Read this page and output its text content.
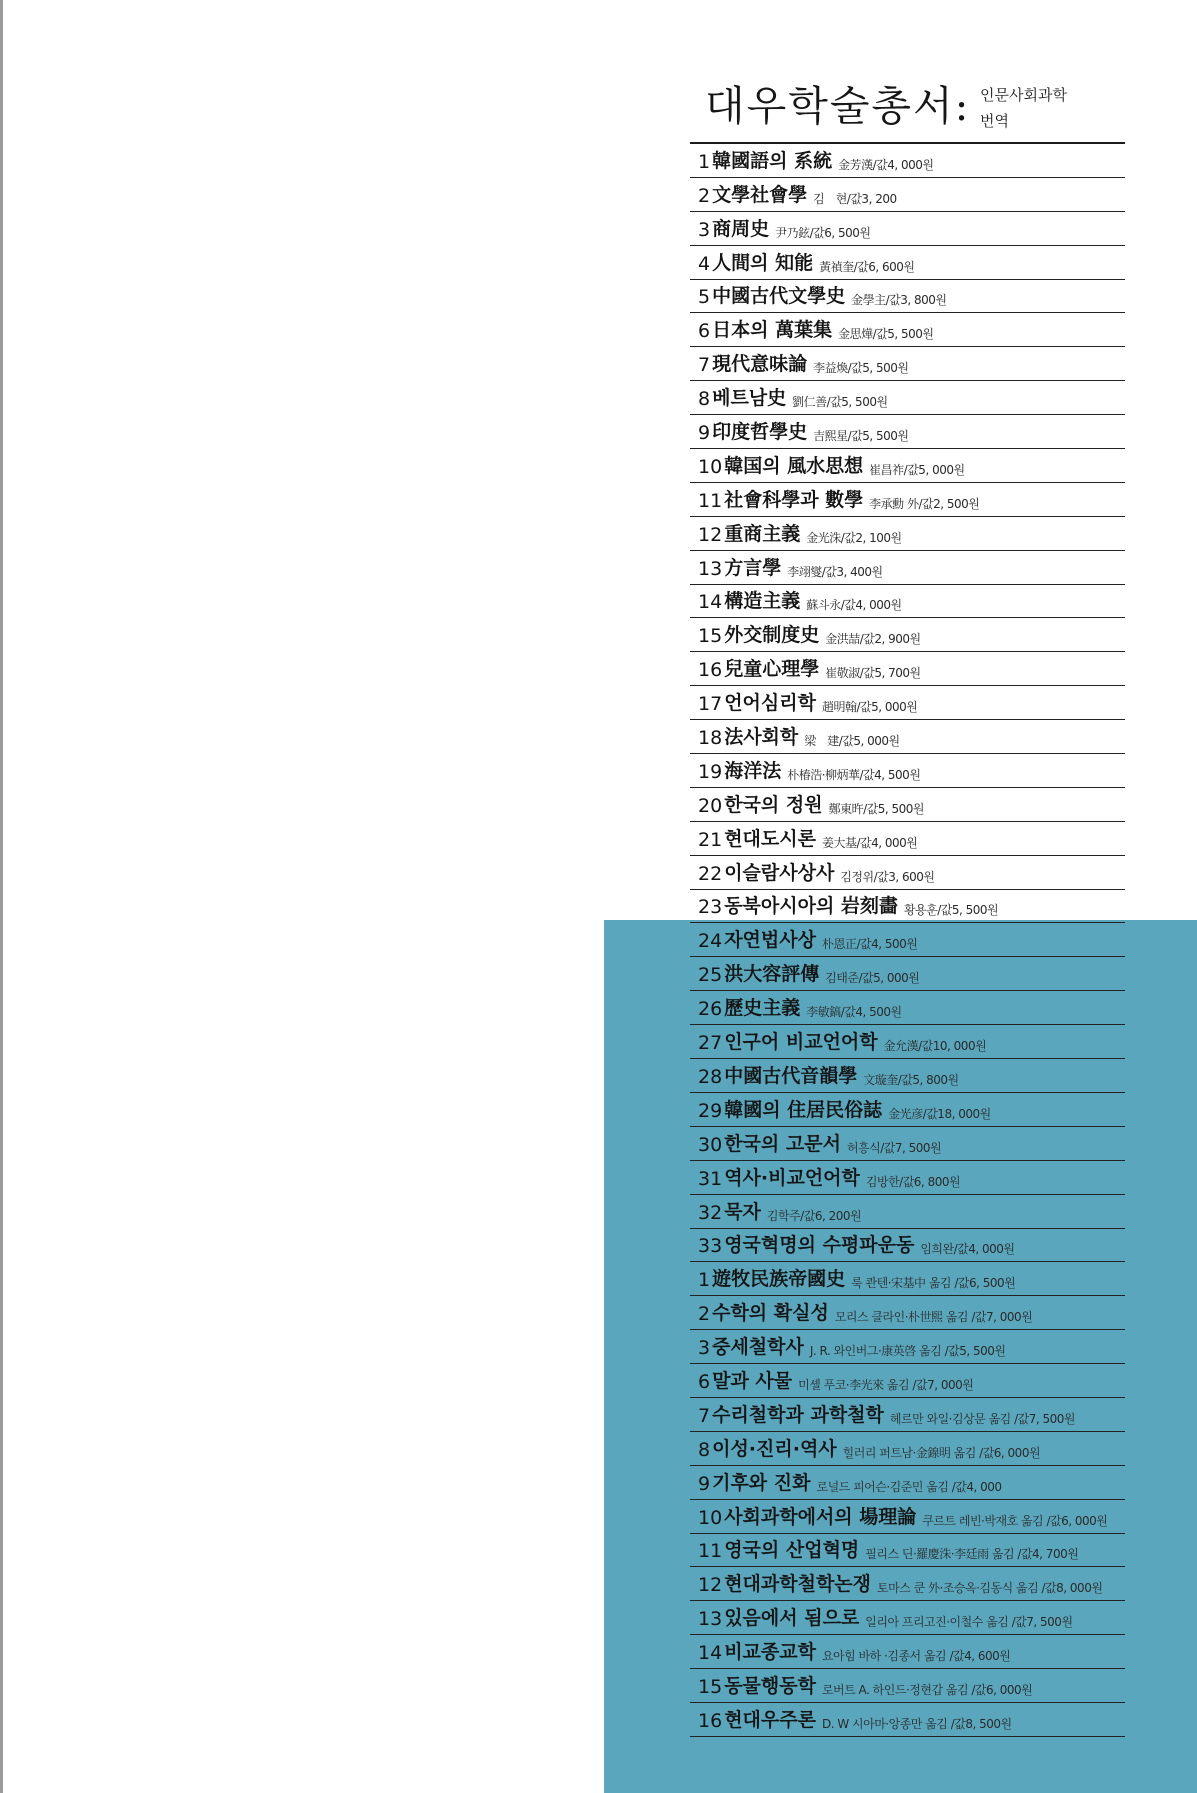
대우학술총서: 인문사회과학
번역
1 韓國語의 系統 金芳漢/값4, 000원
2 文學社會學 김　현/값3, 200
3 商周史 尹乃鉉/값6, 500원
4 人間의 知能 黃禎奎/값6, 600원
5 中國古代文學史 金學主/값3, 800원
6 日本의 萬葉集 金思燁/값5, 500원
7 現代意味論 李益煥/값5, 500원
8 베트남史 劉仁善/값5, 500원
9 印度哲學史 吉熙星/값5, 500원
10 韓国의 風水思想 崔昌祚/값5, 000원
11 社會科學과 數學 李承勳 外/값2, 500원
12 重商主義 金光洙/값2, 100원
13 方言學 李翊燮/값3, 400원
14 構造主義 蘇斗永/값4, 000원
15 外交制度史 金洪喆/값2, 900원
16 兒童心理學 崔敬淑/값5, 700원
17 언어심리학 趙明翰/값5, 000원
18 法사회학 梁　建/값5, 000원
19 海洋法 朴椿浩·柳炳華/값4, 500원
20 한국의 정원 鄭東旿/값5, 500원
21 현대도시론 姜大基/값4, 000원
22 이슬람사상사 김정위/값3, 600원
23 동북아시아의 岩刻畵 황용훈/값5, 500원
24 자연법사상 朴恩正/값4, 500원
25 洪大容評傳 김태준/값5, 000원
26 歷史主義 李敏鎬/값4, 500원
27 인구어 비교언어학 金允漢/값10, 000원
28 中國古代音韻學 文璇奎/값5, 800원
29 韓國의 住居民俗誌 金光彦/값18, 000원
30 한국의 고문서 허흥식/값7, 500원
31 역사·비교언어학 김방한/값6, 800원
32 묵자 김학주/값6, 200원
33 영국혁명의 수평파운동 임희완/값4, 000원
1 遊牧民族帝國史 룩 콴텐·宋基中 옮김 /값6, 500원
2 수학의 확실성 모리스 클라인·朴世熙 옮김 /값7, 000원
3 중세철학사 J. R. 와인버그·康英啓 옮김 /값5, 500원
6 말과 사물 미셸 푸코·李光來 옮김 /값7, 000원
7 수리철학과 과학철학 헤르만 와일·김상문 옮김 /값7, 500원
8 이성·진리·역사 힐러리 퍼트남·金䤼明 옮김 /값6, 000원
9 기후와 진화 로널드 피어슨·김준민 옮김 /값4, 000
10 사회과학에서의 場理論 쿠르트 레빈·박재호 옮김 /값6, 000원
11 영국의 산업혁명 필리스 딘·羅慶洙·李廷雨 옮김 /값4, 700원
12 현대과학철학논쟁 토마스 쿤 外·조승옥·김동식 옮김 /값8, 000원
13 있음에서 됨으로 일리아 프리고진·이철수 옮김 /값7, 500원
14 비교종교학 요아힘 바하 ·김종서 옮김 /값4, 600원
15 동물행동학 로버트 A. 하인드·정현갑 옮김 /값6, 000원
16 현대우주론 D. W 시아마·앙종만 옮김 /값8, 500원
